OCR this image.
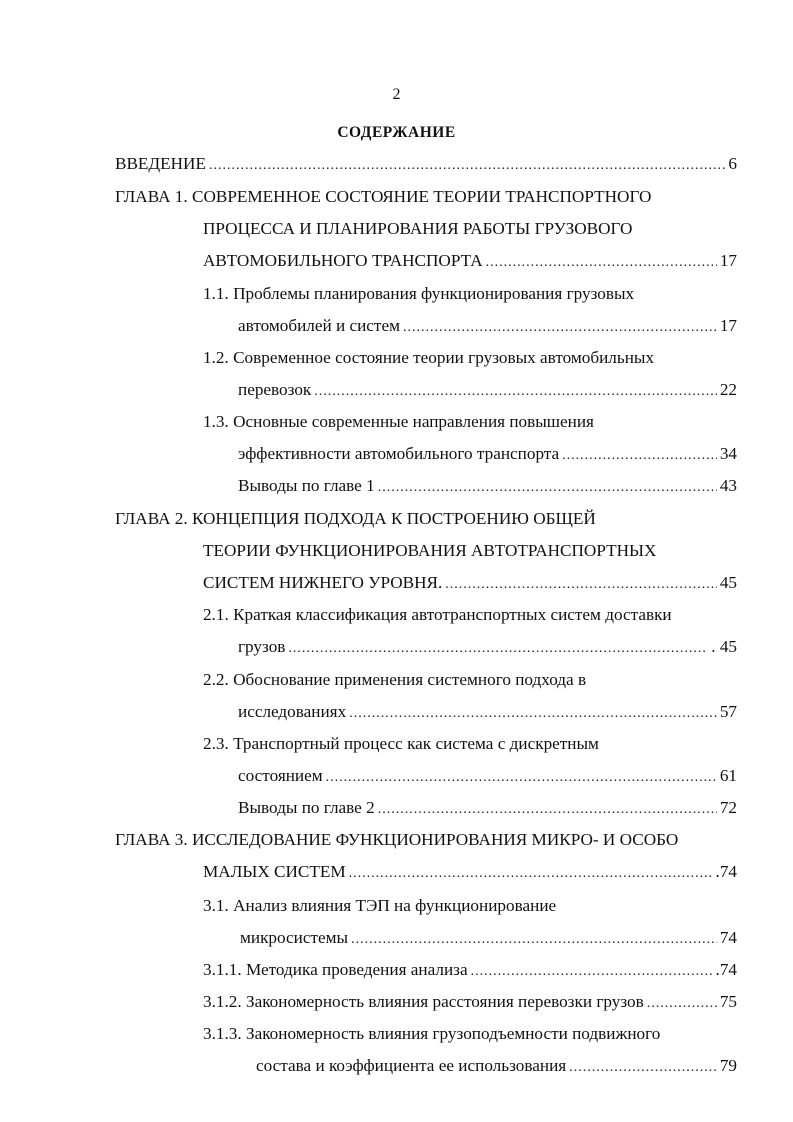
2
СОДЕРЖАНИЕ
ВВЕДЕНИЕ .....	6
ГЛАВА 1. СОВРЕМЕННОЕ СОСТОЯНИЕ ТЕОРИИ ТРАНСПОРТНОГО
ПРОЦЕССА И ПЛАНИРОВАНИЯ РАБОТЫ ГРУЗОВОГО
АВТОМОБИЛЬНОГО ТРАНСПОРТА .....	17
1.1. Проблемы планирования функционирования грузовых
автомобилей и систем .....	17
1.2. Современное состояние теории грузовых автомобильных
перевозок .....	22
1.3. Основные современные направления повышения
эффективности автомобильного транспорта .....	34
Выводы по главе 1 .....	43
ГЛАВА 2. КОНЦЕПЦИЯ ПОДХОДА К ПОСТРОЕНИЮ ОБЩЕЙ
ТЕОРИИ ФУНКЦИОНИРОВАНИЯ АВТОТРАНСПОРТНЫХ
СИСТЕМ НИЖНЕГО УРОВНЯ. .....	45
2.1. Краткая классификация автотранспортных систем доставки
грузов .....	. 45
2.2. Обоснование применения системного подхода в
исследованиях .....	57
2.3. Транспортный процесс как система с дискретным
состоянием .....	61
Выводы по главе 2 .....	72
ГЛАВА 3. ИССЛЕДОВАНИЕ ФУНКЦИОНИРОВАНИЯ МИКРО- И ОСОБО
МАЛЫХ СИСТЕМ .....	.74
3.1. Анализ влияния ТЭП на функционирование
микросистемы .....	74
3.1.1. Методика проведения анализа .....	.74
3.1.2. Закономерность влияния расстояния перевозки грузов .....	75
3.1.3. Закономерность влияния грузоподъемности подвижного
состава и коэффициента ее использования .....	79
